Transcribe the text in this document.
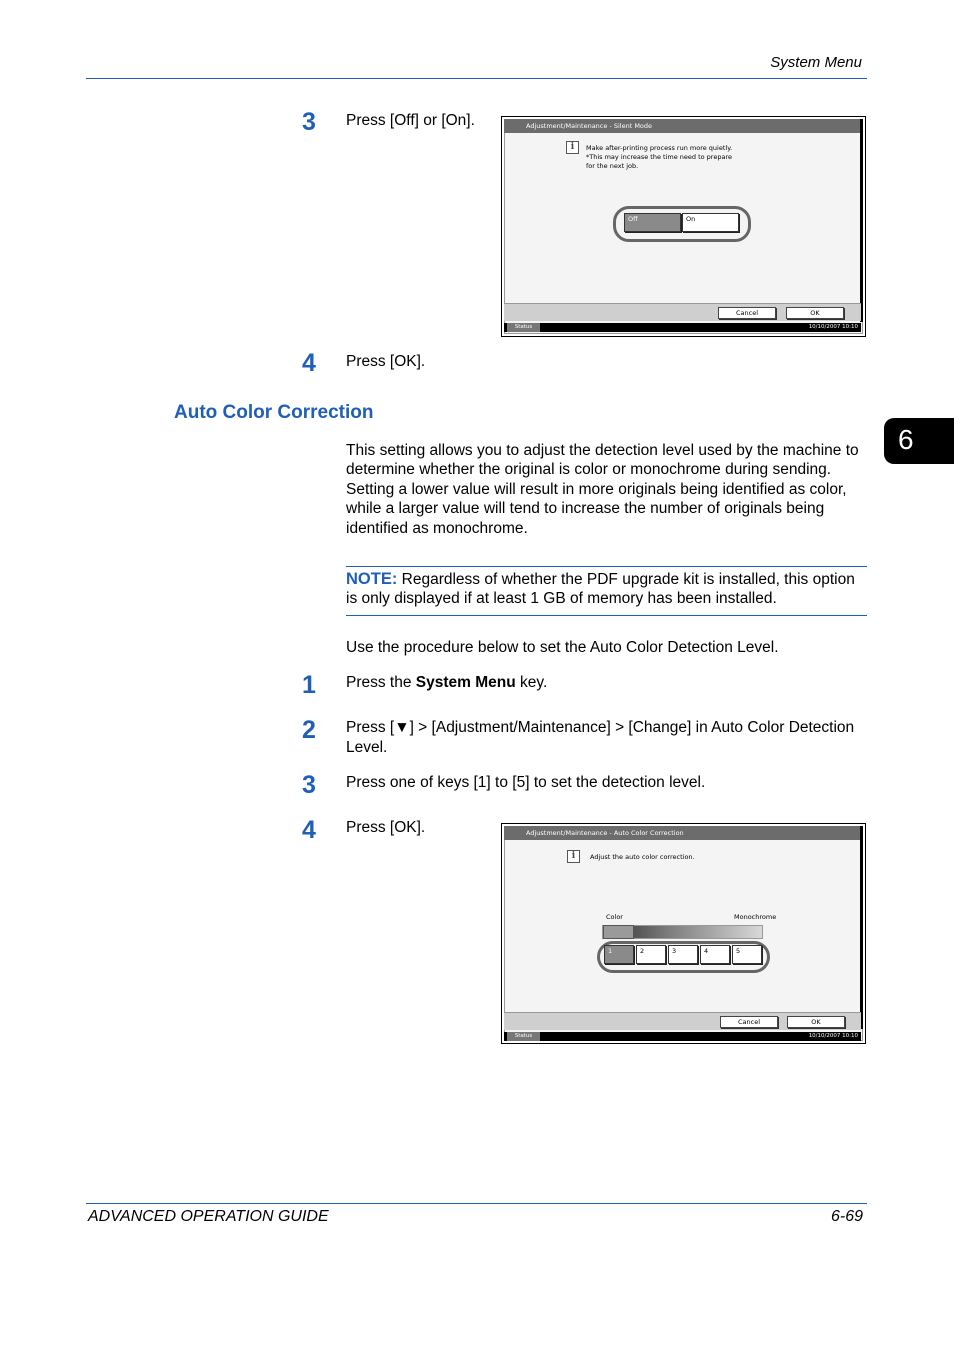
System Menu
6
3 Press [Off] or [On].	Adjustment/Maintenance - Silent Mode
i	Make after-printing process run more quietly.
*This may increase the time need to prepare
for the next job.
Off	On
Cancel	OK
Status	10/10/2007 10:10
4 Press [OK].
Auto Color Correction
This setting allows you to adjust the detection level used by the machine to determine whether the original is color or monochrome during sending. Setting a lower value will result in more originals being identified as color, while a larger value will tend to increase the number of originals being identified as monochrome.
NOTE: Regardless of whether the PDF upgrade kit is installed, this option is only displayed if at least 1 GB of memory has been installed.
Use the procedure below to set the Auto Color Detection Level.
1 Press the System Menu key.
2 Press [▼] > [Adjustment/Maintenance] > [Change] in Auto Color Detection Level.
3 Press one of keys [1] to [5] to set the detection level.
4 Press [OK].	Adjustment/Maintenance - Auto Color Correction
i	Adjust the auto color correction.
Color	Monochrome
1	2	3	4	5
Cancel	OK
Status	10/10/2007 10:10
ADVANCED OPERATION GUIDE	6-69
